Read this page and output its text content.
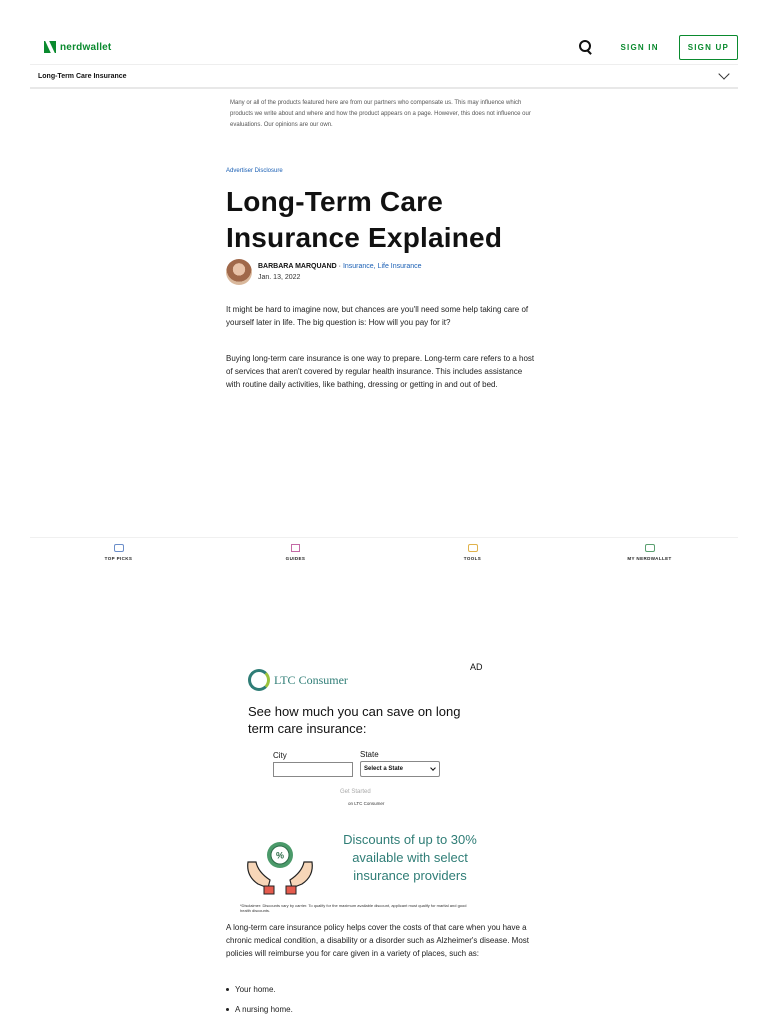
nerdwallet	SIGN IN	SIGN UP
Long-Term Care Insurance
Many or all of the products featured here are from our partners who compensate us. This may influence which products we write about and where and how the product appears on a page. However, this does not influence our evaluations. Our opinions are our own.
Advertiser Disclosure
Long-Term Care Insurance Explained
BARBARA MARQUAND · Insurance, Life Insurance
Jan. 13, 2022

It might be hard to imagine now, but chances are you'll need some help taking care of yourself later in life. The big question is: How will you pay for it?

Buying long-term care insurance is one way to prepare. Long-term care refers to a host of services that aren't covered by regular health insurance. This includes assistance with routine daily activities, like bathing, dressing or getting in and out of bed.

TOP PICKS	GUIDES	TOOLS	MY NERDWALLET
AD
LTC Consumer
See how much you can save on long term care insurance:
City	State
Select a State
Get Started
on LTC Consumer
%
Discounts of up to 30% available with select insurance providers
*Disclaimer: Discounts vary by carrier. To qualify for the maximum available discount, applicant must qualify for marital and good health discounts.

A long-term care insurance policy helps cover the costs of that care when you have a chronic medical condition, a disability or a disorder such as Alzheimer's disease. Most policies will reimburse you for care given in a variety of places, such as:

Your home.
A nursing home.
